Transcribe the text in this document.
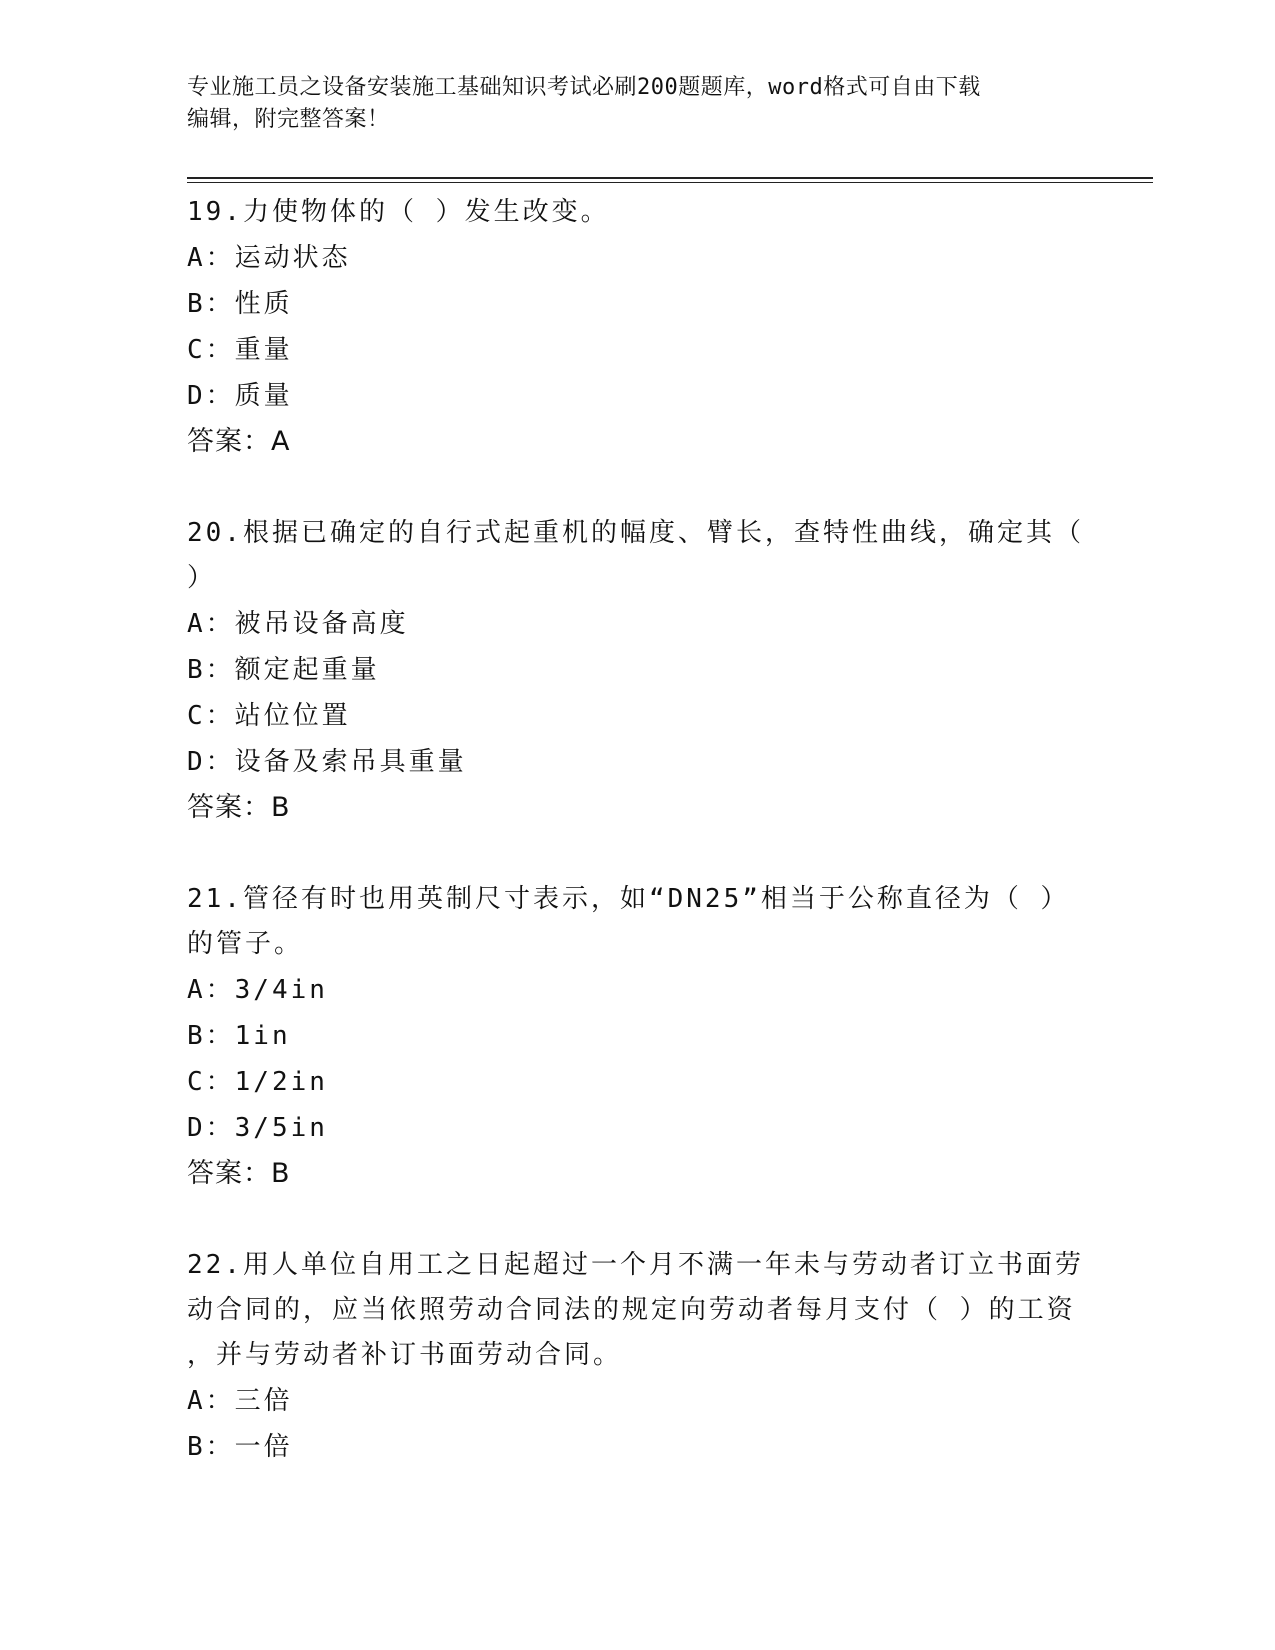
专业施工员之设备安装施工基础知识考试必刷200题题库，word格式可自由下载
编辑，附完整答案！
19.力使物体的（ ）发生改变。
A：运动状态
B：性质
C：重量
D：质量
答案：A
20.根据已确定的自行式起重机的幅度、臂长，查特性曲线，确定其（
）
A：被吊设备高度
B：额定起重量
C：站位位置
D：设备及索吊具重量
答案：B
21.管径有时也用英制尺寸表示，如“DN25”相当于公称直径为（ ）
的管子。
A：3/4in
B：1in
C：1/2in
D：3/5in
答案：B
22.用人单位自用工之日起超过一个月不满一年未与劳动者订立书面劳
动合同的，应当依照劳动合同法的规定向劳动者每月支付（ ）的工资
，并与劳动者补订书面劳动合同。
A：三倍
B：一倍
